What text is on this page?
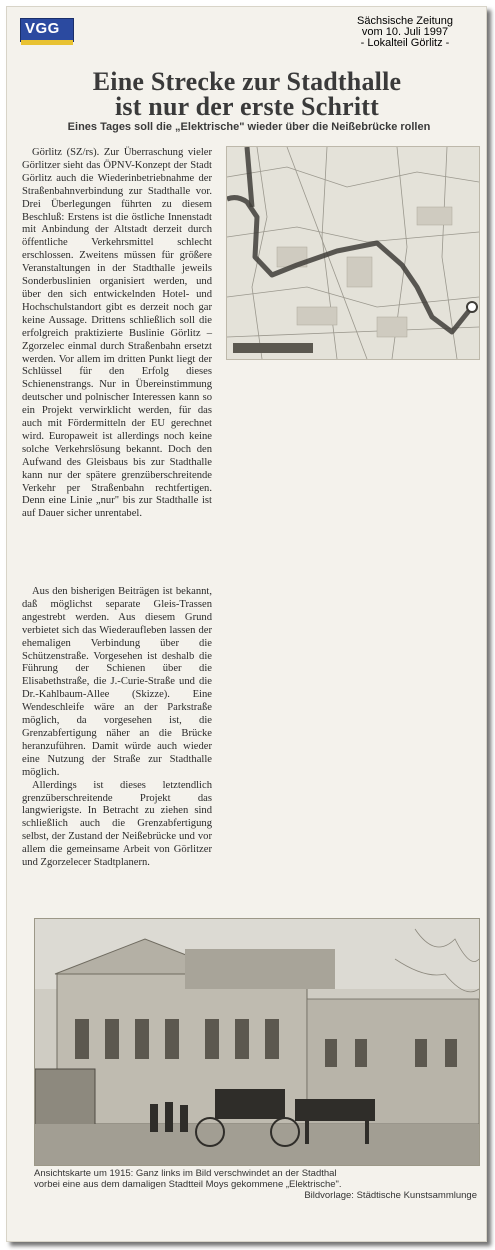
VGG	Sächsische Zeitung
vom 10. Juli 1997
- Lokalteil Görlitz -
Eine Strecke zur Stadthalle
ist nur der erste Schritt
Eines Tages soll die „Elektrische" wieder über die Neißebrücke rollen

Görlitz (SZ/rs). Zur Überraschung vieler Görlitzer sieht das ÖPNV-Konzept der Stadt Görlitz auch die Wiederinbetriebnahme der Straßenbahnverbindung zur Stadthalle vor. Drei Überlegungen führten zu diesem Beschluß: Erstens ist die östliche Innenstadt mit Anbindung der Altstadt derzeit durch öffentliche Verkehrsmittel schlecht erschlossen. Zweitens müssen für größere Veranstaltungen in der Stadthalle jeweils Sonderbuslinien organisiert werden, und über den sich entwickelnden Hotel- und Hochschulstandort gibt es derzeit noch gar keine Aussage. Drittens schließlich soll die erfolgreich praktizierte Buslinie Görlitz – Zgorzelec einmal durch Straßenbahn ersetzt werden. Vor allem im dritten Punkt liegt der Schlüssel für den Erfolg dieses Schienenstrangs. Nur in Übereinstimmung deutscher und polnischer Interessen kann so ein Projekt verwirklicht werden, für das auch mit Fördermitteln der EU gerechnet wird. Europaweit ist allerdings noch keine solche Verkehrslösung bekannt. Doch den Aufwand des Gleisbaus bis zur Stadthalle kann nur der spätere grenzüberschreitende Verkehr per Straßenbahn rechtfertigen. Denn eine Linie „nur" bis zur Stadthalle ist auf Dauer sicher unrentabel.

Aus den bisherigen Beiträgen ist bekannt, daß möglichst separate Gleis-Trassen angestrebt werden. Aus diesem Grund verbietet sich das Wiederaufleben lassen der ehemaligen Verbindung über die Schützenstraße. Vorgesehen ist deshalb die Führung der Schienen über die Elisabethstraße, die J.-Curie-Straße und die Dr.-Kahlbaum-Allee (Skizze). Eine Wendeschleife wäre an der Parkstraße möglich, da vorgesehen ist, die Grenzabfertigung näher an die Brücke heranzuführen. Damit würde auch wieder eine Nutzung der Straße zur Stadthalle möglich.

Allerdings ist dieses letztendlich grenzüberschreitende Projekt das langwierigste. In Betracht zu ziehen sind schließlich auch die Grenzabfertigung selbst, der Zustand der Neißebrücke und vor allem die gemeinsame Arbeit von Görlitzer und Zgorzelecer Stadtplanern.

Ansichtskarte um 1915: Ganz links im Bild verschwindet an der Stadthal
vorbei eine aus dem damaligen Stadtteil Moys gekommene „Elektrische".
Bildvorlage: Städtische Kunstsammlunge
